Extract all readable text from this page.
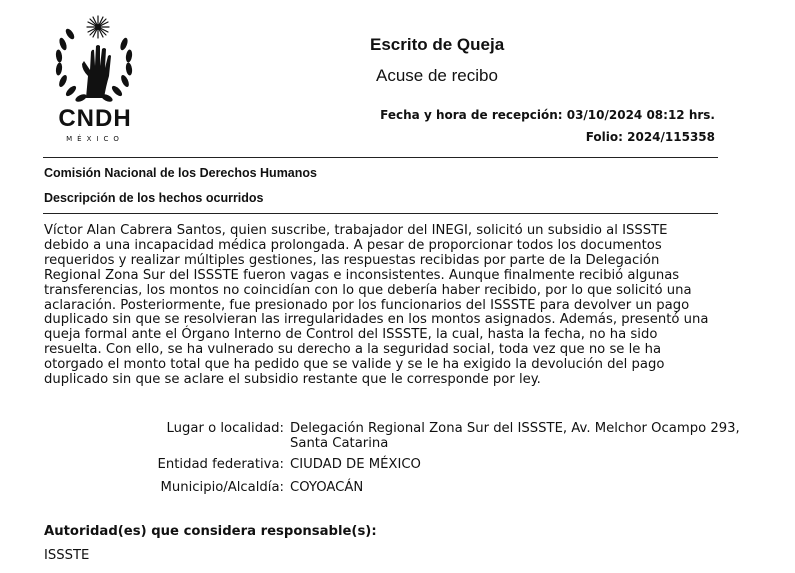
CNDH
MÉXICO
Escrito de Queja
Acuse de recibo
Fecha y hora de recepción: 03/10/2024 08:12 hrs.
Folio: 2024/115358
Comisión Nacional de los Derechos Humanos
Descripción de los hechos ocurridos

Víctor Alan Cabrera Santos, quien suscribe, trabajador del INEGI, solicitó un subsidio al ISSSTE debido a una incapacidad médica prolongada. A pesar de proporcionar todos los documentos requeridos y realizar múltiples gestiones, las respuestas recibidas por parte de la Delegación Regional Zona Sur del ISSSTE fueron vagas e inconsistentes. Aunque finalmente recibió algunas transferencias, los montos no coincidían con lo que debería haber recibido, por lo que solicitó una aclaración. Posteriormente, fue presionado por los funcionarios del ISSSTE para devolver un pago duplicado sin que se resolvieran las irregularidades en los montos asignados. Además, presentó una queja formal ante el Órgano Interno de Control del ISSSTE, la cual, hasta la fecha, no ha sido resuelta. Con ello, se ha vulnerado su derecho a la seguridad social, toda vez que no se le ha otorgado el monto total que ha pedido que se valide y se le ha exigido la devolución del pago duplicado sin que se aclare el subsidio restante que le corresponde por ley.

Lugar o localidad: Delegación Regional Zona Sur del ISSSTE, Av. Melchor Ocampo 293, Santa Catarina
Entidad federativa: CIUDAD DE MÉXICO
Municipio/Alcaldía: COYOACÁN
Autoridad(es) que considera responsable(s):
ISSSTE
